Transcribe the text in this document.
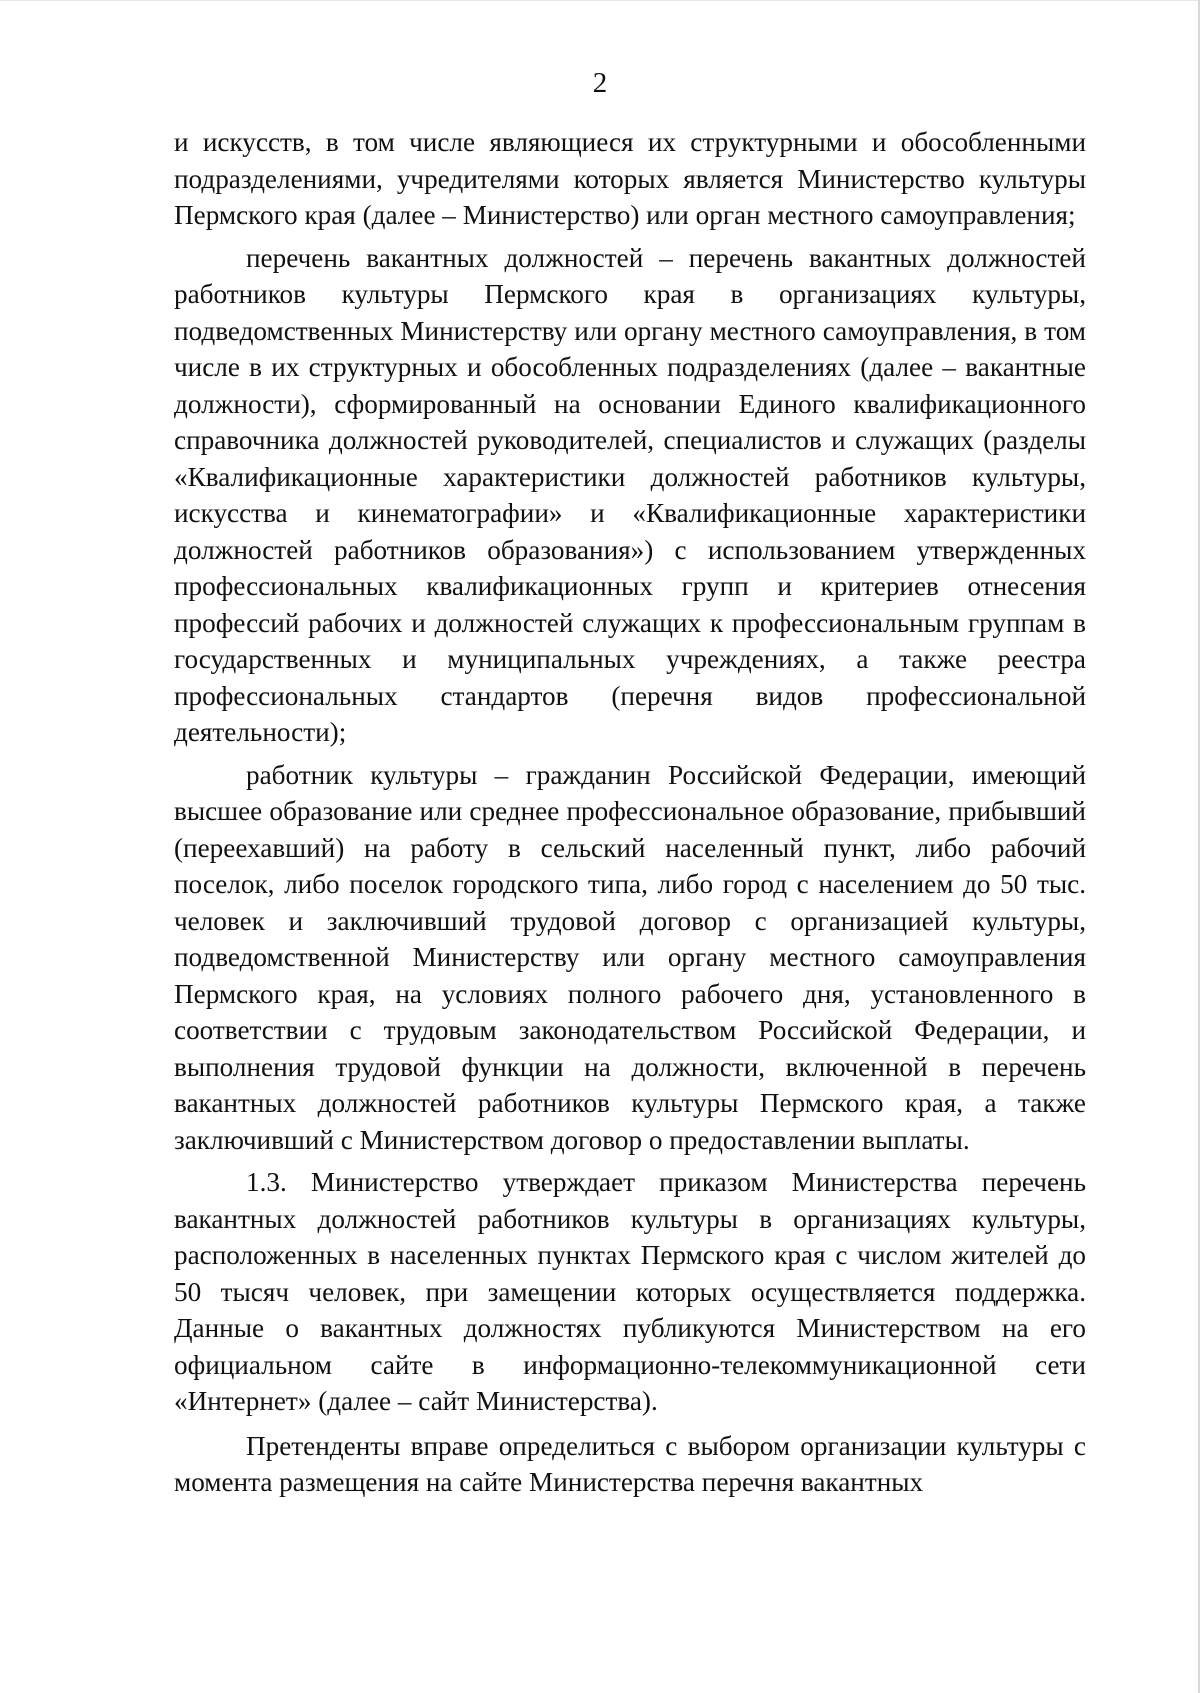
2

и искусств, в том числе являющиеся их структурными и обособленными подразделениями, учредителями которых является Министерство культуры Пермского края (далее – Министерство) или орган местного самоуправления;

перечень вакантных должностей – перечень вакантных должностей работников культуры Пермского края в организациях культуры, подведомственных Министерству или органу местного самоуправления, в том числе в их структурных и обособленных подразделениях (далее – вакантные должности), сформированный на основании Единого квалификационного справочника должностей руководителей, специалистов и служащих (разделы «Квалификационные характеристики должностей работников культуры, искусства и кинематографии» и «Квалификационные характеристики должностей работников образования») с использованием утвержденных профессиональных квалификационных групп и критериев отнесения профессий рабочих и должностей служащих к профессиональным группам в государственных и муниципальных учреждениях, а также реестра профессиональных стандартов (перечня видов профессиональной деятельности);

работник культуры – гражданин Российской Федерации, имеющий высшее образование или среднее профессиональное образование, прибывший (переехавший) на работу в сельский населенный пункт, либо рабочий поселок, либо поселок городского типа, либо город с населением до 50 тыс. человек и заключивший трудовой договор с организацией культуры, подведомственной Министерству или органу местного самоуправления Пермского края, на условиях полного рабочего дня, установленного в соответствии с трудовым законодательством Российской Федерации, и выполнения трудовой функции на должности, включенной в перечень вакантных должностей работников культуры Пермского края, а также заключивший с Министерством договор о предоставлении выплаты.

1.3. Министерство утверждает приказом Министерства перечень вакантных должностей работников культуры в организациях культуры, расположенных в населенных пунктах Пермского края с числом жителей до 50 тысяч человек, при замещении которых осуществляется поддержка. Данные о вакантных должностях публикуются Министерством на его официальном сайте в информационно-телекоммуникационной сети «Интернет» (далее – сайт Министерства).

Претенденты вправе определиться с выбором организации культуры с момента размещения на сайте Министерства перечня вакантных
